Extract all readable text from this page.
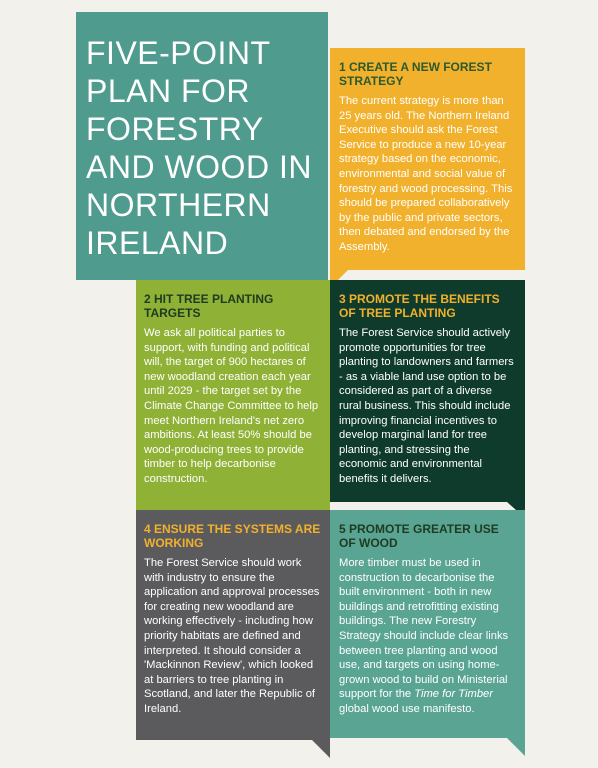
FIVE-POINT PLAN FOR FORESTRY AND WOOD IN NORTHERN IRELAND
1 CREATE A NEW FOREST STRATEGY

The current strategy is more than 25 years old. The Northern Ireland Executive should ask the Forest Service to produce a new 10-year strategy based on the economic, environmental and social value of forestry and wood processing. This should be prepared collaboratively by the public and private sectors, then debated and endorsed by the Assembly.

2 HIT TREE PLANTING TARGETS

We ask all political parties to support, with funding and political will, the target of 900 hectares of new woodland creation each year until 2029 - the target set by the Climate Change Committee to help meet Northern Ireland's net zero ambitions. At least 50% should be wood-producing trees to provide timber to help decarbonise construction.

3 PROMOTE THE BENEFITS OF TREE PLANTING

The Forest Service should actively promote opportunities for tree planting to landowners and farmers - as a viable land use option to be considered as part of a diverse rural business. This should include improving financial incentives to develop marginal land for tree planting, and stressing the economic and environmental benefits it delivers.

4 ENSURE THE SYSTEMS ARE WORKING

The Forest Service should work with industry to ensure the application and approval processes for creating new woodland are working effectively - including how priority habitats are defined and interpreted. It should consider a 'Mackinnon Review', which looked at barriers to tree planting in Scotland, and later the Republic of Ireland.

5 PROMOTE GREATER USE OF WOOD

More timber must be used in construction to decarbonise the built environment - both in new buildings and retrofitting existing buildings. The new Forestry Strategy should include clear links between tree planting and wood use, and targets on using home-grown wood to build on Ministerial support for the Time for Timber global wood use manifesto.
